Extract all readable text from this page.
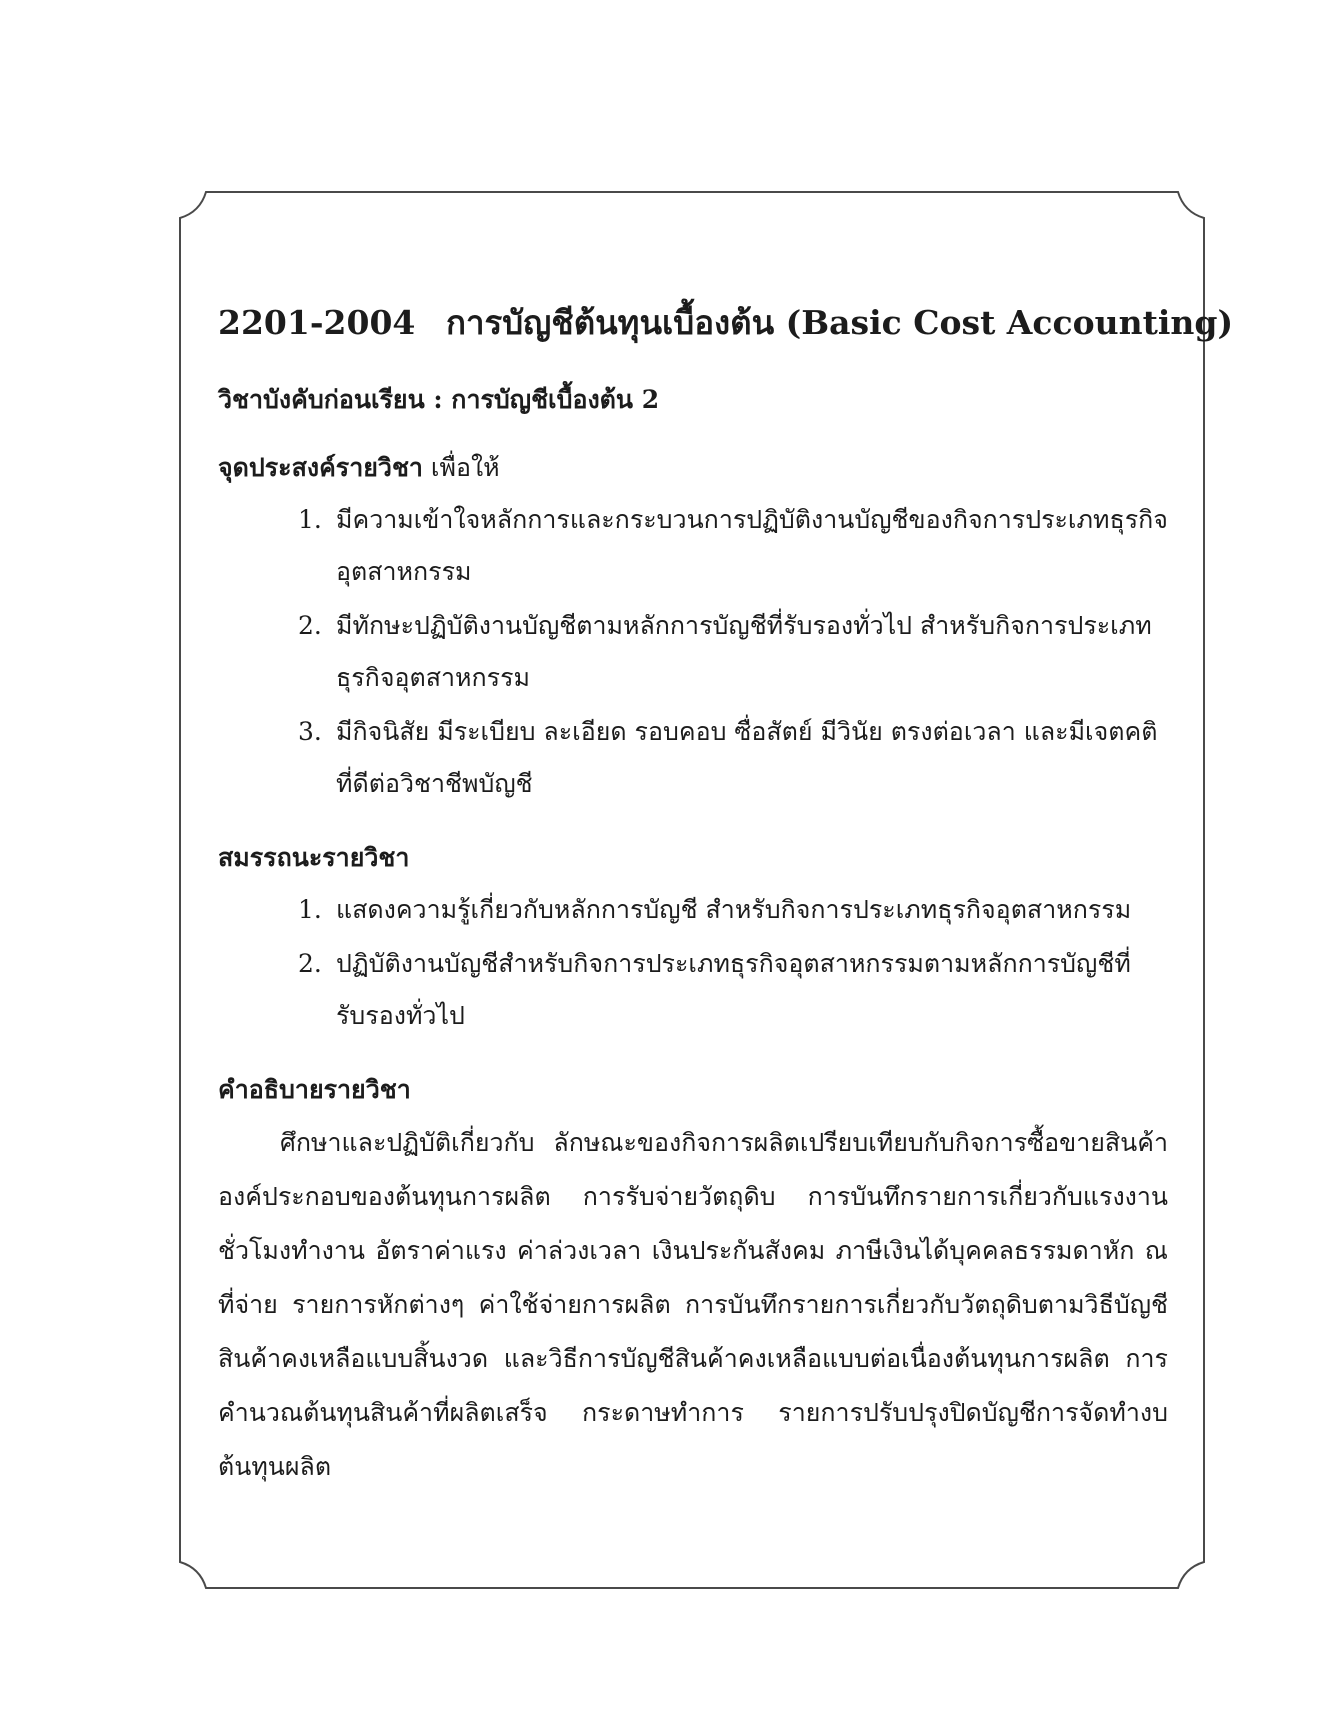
2201-2004 การบัญชีต้นทุนเบื้องต้น (Basic Cost Accounting)
วิชาบังคับก่อนเรียน : การบัญชีเบื้องต้น 2
จุดประสงค์รายวิชา เพื่อให้
1. มีความเข้าใจหลักการและกระบวนการปฏิบัติงานบัญชีของกิจการประเภทธุรกิจอุตสาหกรรม
2. มีทักษะปฏิบัติงานบัญชีตามหลักการบัญชีที่รับรองทั่วไป สำหรับกิจการประเภทธุรกิจอุตสาหกรรม
3. มีกิจนิสัย มีระเบียบ ละเอียด รอบคอบ ซื่อสัตย์ มีวินัย ตรงต่อเวลา และมีเจตคติที่ดีต่อวิชาชีพบัญชี
สมรรถนะรายวิชา
1. แสดงความรู้เกี่ยวกับหลักการบัญชี สำหรับกิจการประเภทธุรกิจอุตสาหกรรม
2. ปฏิบัติงานบัญชีสำหรับกิจการประเภทธุรกิจอุตสาหกรรมตามหลักการบัญชีที่รับรองทั่วไป
คำอธิบายรายวิชา

ศึกษาและปฏิบัติเกี่ยวกับ ลักษณะของกิจการผลิตเปรียบเทียบกับกิจการซื้อขายสินค้า องค์ประกอบของต้นทุนการผลิต การรับจ่ายวัตถุดิบ การบันทึกรายการเกี่ยวกับแรงงาน ชั่วโมงทำงาน อัตราค่าแรง ค่าล่วงเวลา เงินประกันสังคม ภาษีเงินได้บุคคลธรรมดาหัก ณ ที่จ่าย รายการหักต่างๆ ค่าใช้จ่ายการผลิต การบันทึกรายการเกี่ยวกับวัตถุดิบตามวิธีบัญชีสินค้าคงเหลือแบบสิ้นงวด และวิธีการบัญชีสินค้าคงเหลือแบบต่อเนื่องต้นทุนการผลิต การคำนวณต้นทุนสินค้าที่ผลิตเสร็จ กระดาษทำการ รายการปรับปรุงปิดบัญชีการจัดทำงบต้นทุนผลิต
